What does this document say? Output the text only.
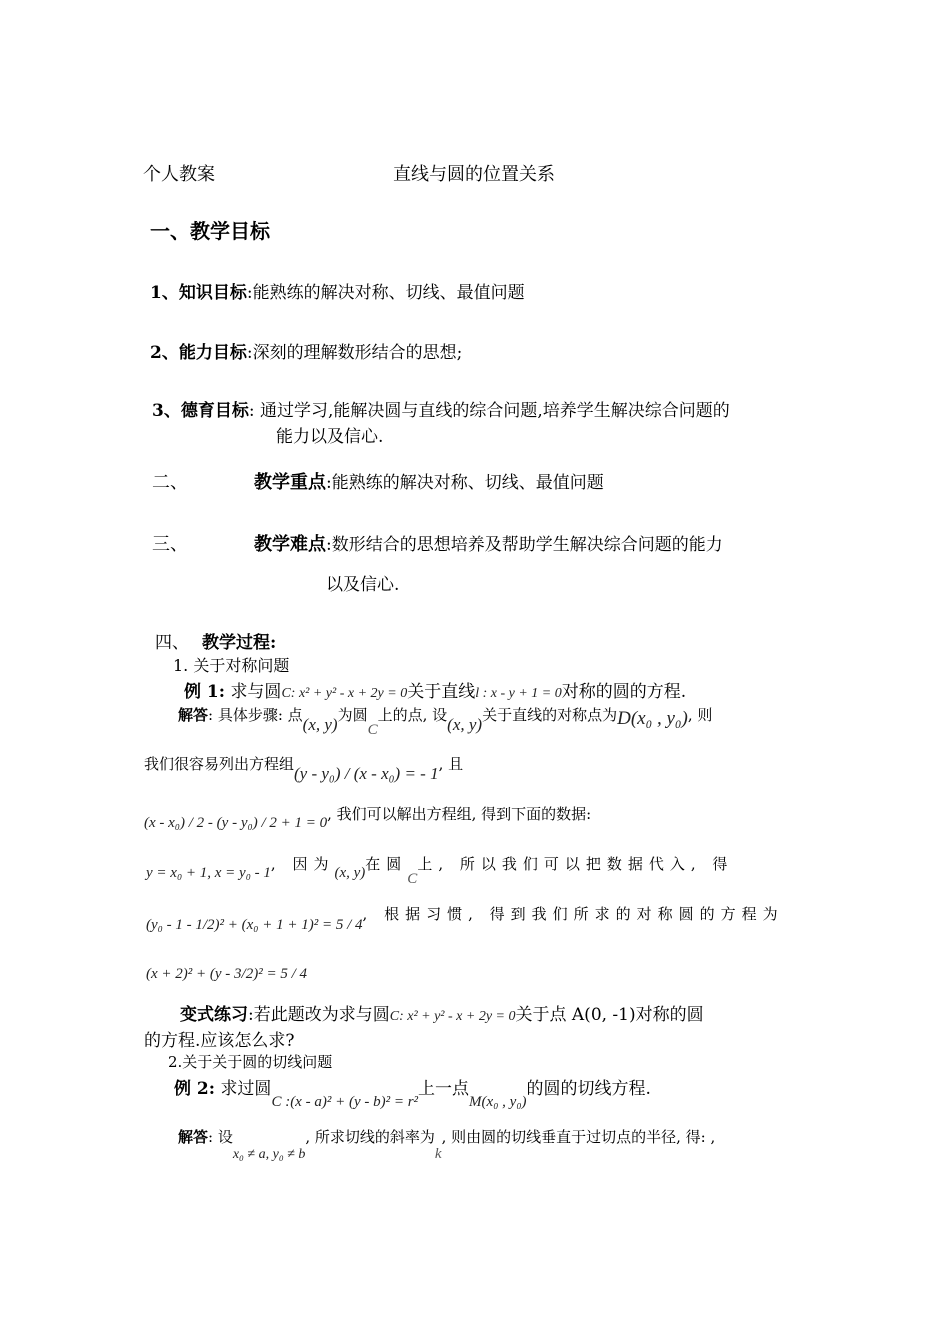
个人教案	直线与圆的位置关系
一、教学目标
1、知识目标:能熟练的解决对称、切线、最值问题
2、能力目标:深刻的理解数形结合的思想;
3、德育目标: 通过学习,能解决圆与直线的综合问题,培养学生解决综合问题的
能力以及信心.
二、	教学重点:能熟练的解决对称、切线、最值问题
三、	教学难点:数形结合的思想培养及帮助学生解决综合问题的能力
以及信心.
四、 教学过程:
1. 关于对称问题
例 1: 求与圆C: x² + y² - x + 2y = 0关于直线l : x - y + 1 = 0对称的圆的方程.
解答: 具体步骤: 点(x, y)为圆C上的点, 设(x, y)关于直线的对称点为D(x₀ , y₀), 则
我们很容易列出方程组(y - y₀) / (x - x₀) = - 1, 且
(x - x₀) / 2 - (y - y₀) / 2 + 1 = 0, 我们可以解出方程组, 得到下面的数据:
y = x₀ + 1, x = y₀ - 1, 因为(x, y)在圆C上, 所以我们可以把数据代入, 得
(y₀ - 1 - 1/2)² + (x₀ + 1 + 1)² = 5 / 4, 根据习惯, 得到我们所求的对称圆的方程为
(x + 2)² + (y - 3/2)² = 5 / 4
变式练习:若此题改为求与圆C: x² + y² - x + 2y = 0关于点 A(0, -1)对称的圆
的方程.应该怎么求?
2.关于关于圆的切线问题
例 2: 求过圆C :(x - a)² + (y - b)² = r²上一点M(x₀ , y₀)的圆的切线方程.
解答: 设x₀ ≠ a, y₀ ≠ b, 所求切线的斜率为k, 则由圆的切线垂直于过切点的半径, 得: ,
